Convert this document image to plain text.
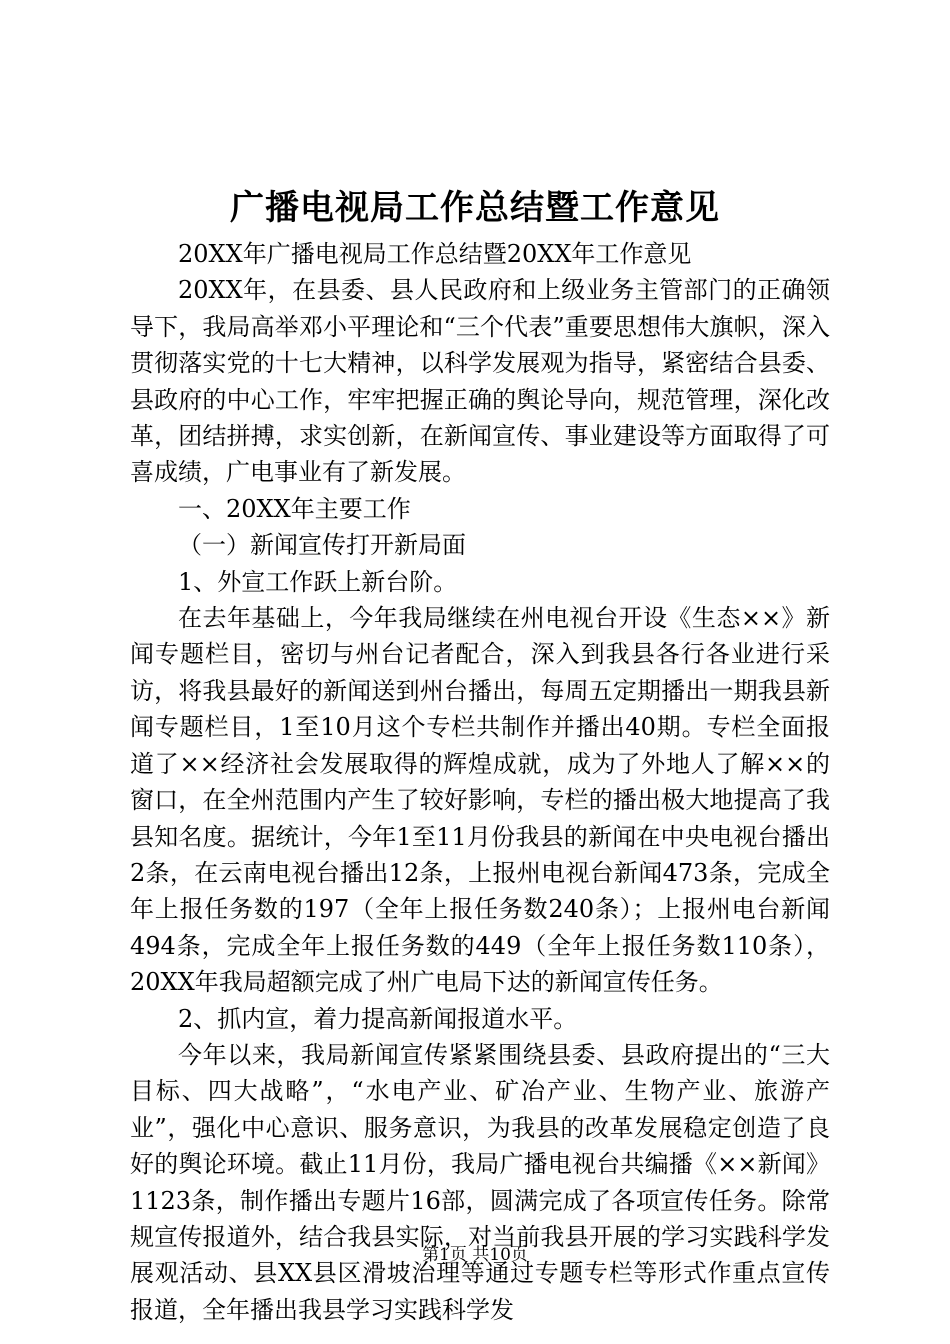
广播电视局工作总结暨工作意见

20XX年广播电视局工作总结暨20XX年工作意见

20XX年，在县委、县人民政府和上级业务主管部门的正确领导下，我局高举邓小平理论和“三个代表”重要思想伟大旗帜，深入贯彻落实党的十七大精神，以科学发展观为指导，紧密结合县委、县政府的中心工作，牢牢把握正确的舆论导向，规范管理，深化改革，团结拼搏，求实创新，在新闻宣传、事业建设等方面取得了可喜成绩，广电事业有了新发展。

一、20XX年主要工作

（一）新闻宣传打开新局面

1、外宣工作跃上新台阶。

在去年基础上，今年我局继续在州电视台开设《生态××》新闻专题栏目，密切与州台记者配合，深入到我县各行各业进行采访，将我县最好的新闻送到州台播出，每周五定期播出一期我县新闻专题栏目，1至10月这个专栏共制作并播出40期。专栏全面报道了××经济社会发展取得的辉煌成就，成为了外地人了解××的窗口，在全州范围内产生了较好影响，专栏的播出极大地提高了我县知名度。据统计，今年1至11月份我县的新闻在中央电视台播出2条，在云南电视台播出12条，上报州电视台新闻473条，完成全年上报任务数的197（全年上报任务数240条）；上报州电台新闻494条，完成全年上报任务数的449（全年上报任务数110条），20XX年我局超额完成了州广电局下达的新闻宣传任务。

2、抓内宣，着力提高新闻报道水平。

今年以来，我局新闻宣传紧紧围绕县委、县政府提出的“三大目标、四大战略”，“水电产业、矿冶产业、生物产业、旅游产业”，强化中心意识、服务意识，为我县的改革发展稳定创造了良好的舆论环境。截止11月份，我局广播电视台共编播《××新闻》1123条，制作播出专题片16部，圆满完成了各项宣传任务。除常规宣传报道外，结合我县实际，对当前我县开展的学习实践科学发展观活动、县XX县区滑坡治理等通过专题专栏等形式作重点宣传报道，全年播出我县学习实践科学发

第1页 共10页
